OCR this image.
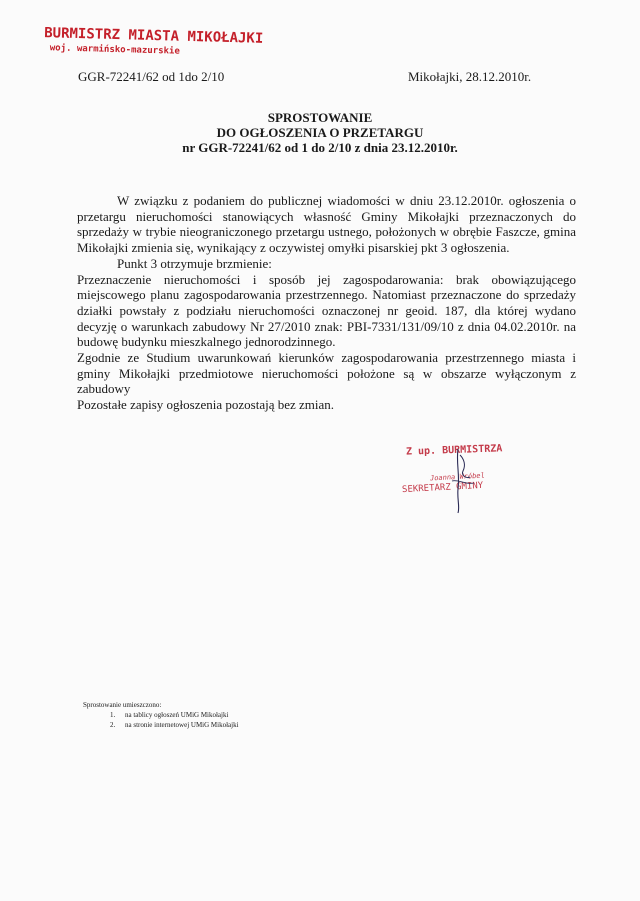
BURMISTRZ MIASTA MIKOŁAJKI
woj. warmińsko-mazurskie
GGR-72241/62 od 1do 2/10	Mikołajki, 28.12.2010r.
SPROSTOWANIE
DO OGŁOSZENIA O PRZETARGU
nr GGR-72241/62 od 1 do 2/10 z dnia 23.12.2010r.

W związku z podaniem do publicznej wiadomości w dniu 23.12.2010r. ogłoszenia o przetargu nieruchomości stanowiących własność Gminy Mikołajki przeznaczonych do sprzedaży w trybie nieograniczonego przetargu ustnego, położonych w obrębie Faszcze, gmina Mikołajki zmienia się, wynikający z oczywistej omyłki pisarskiej pkt 3 ogłoszenia.

Punkt 3 otrzymuje brzmienie:

Przeznaczenie nieruchomości i sposób jej zagospodarowania: brak obowiązującego miejscowego planu zagospodarowania przestrzennego. Natomiast przeznaczone do sprzedaży działki powstały z podziału nieruchomości oznaczonej nr geoid. 187, dla której wydano decyzję o warunkach zabudowy Nr 27/2010 znak: PBI-7331/131/09/10 z dnia 04.02.2010r. na budowę budynku mieszkalnego jednorodzinnego.

Zgodnie ze Studium uwarunkowań kierunków zagospodarowania przestrzennego miasta i gminy Mikołajki przedmiotowe nieruchomości położone są w obszarze wyłączonym z zabudowy

Pozostałe zapisy ogłoszenia pozostają bez zmian.

Z up. BURMISTRZA
Joanna Wróbel
SEKRETARZ GMINY
Sprostowanie umieszczono:
1. na tablicy ogłoszeń UMiG Mikołajki
2. na stronie internetowej UMiG Mikołajki
